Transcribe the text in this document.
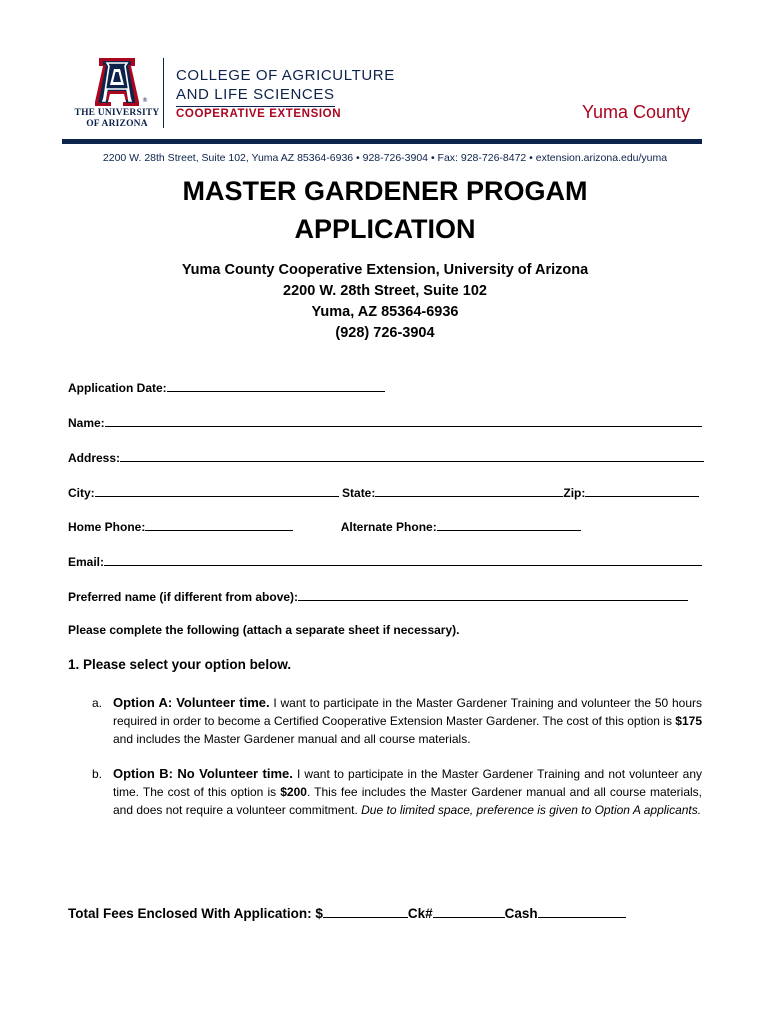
®
THE UNIVERSITY
OF ARIZONA
COLLEGE OF AGRICULTURE
AND LIFE SCIENCES
COOPERATIVE EXTENSION	Yuma County
2200 W. 28th Street, Suite 102, Yuma AZ 85364-6936 • 928-726-3904 • Fax: 928-726-8472 • extension.arizona.edu/yuma
MASTER GARDENER PROGAM
APPLICATION
Yuma County Cooperative Extension, University of Arizona
2200 W. 28th Street, Suite 102
Yuma, AZ 85364-6936
(928) 726-3904
Application Date:
Name:
Address:
City:	State:	Zip:
Home Phone:	Alternate Phone:
Email:
Preferred name (if different from above):
Please complete the following (attach a separate sheet if necessary).
1. Please select your option below.
a. Option A: Volunteer time. I want to participate in the Master Gardener Training and volunteer the 50 hours required in order to become a Certified Cooperative Extension Master Gardener. The cost of this option is $175 and includes the Master Gardener manual and all course materials.
b. Option B: No Volunteer time. I want to participate in the Master Gardener Training and not volunteer any time. The cost of this option is $200. This fee includes the Master Gardener manual and all course materials, and does not require a volunteer commitment. Due to limited space, preference is given to Option A applicants.
Total Fees Enclosed With Application: $	Ck#	Cash
